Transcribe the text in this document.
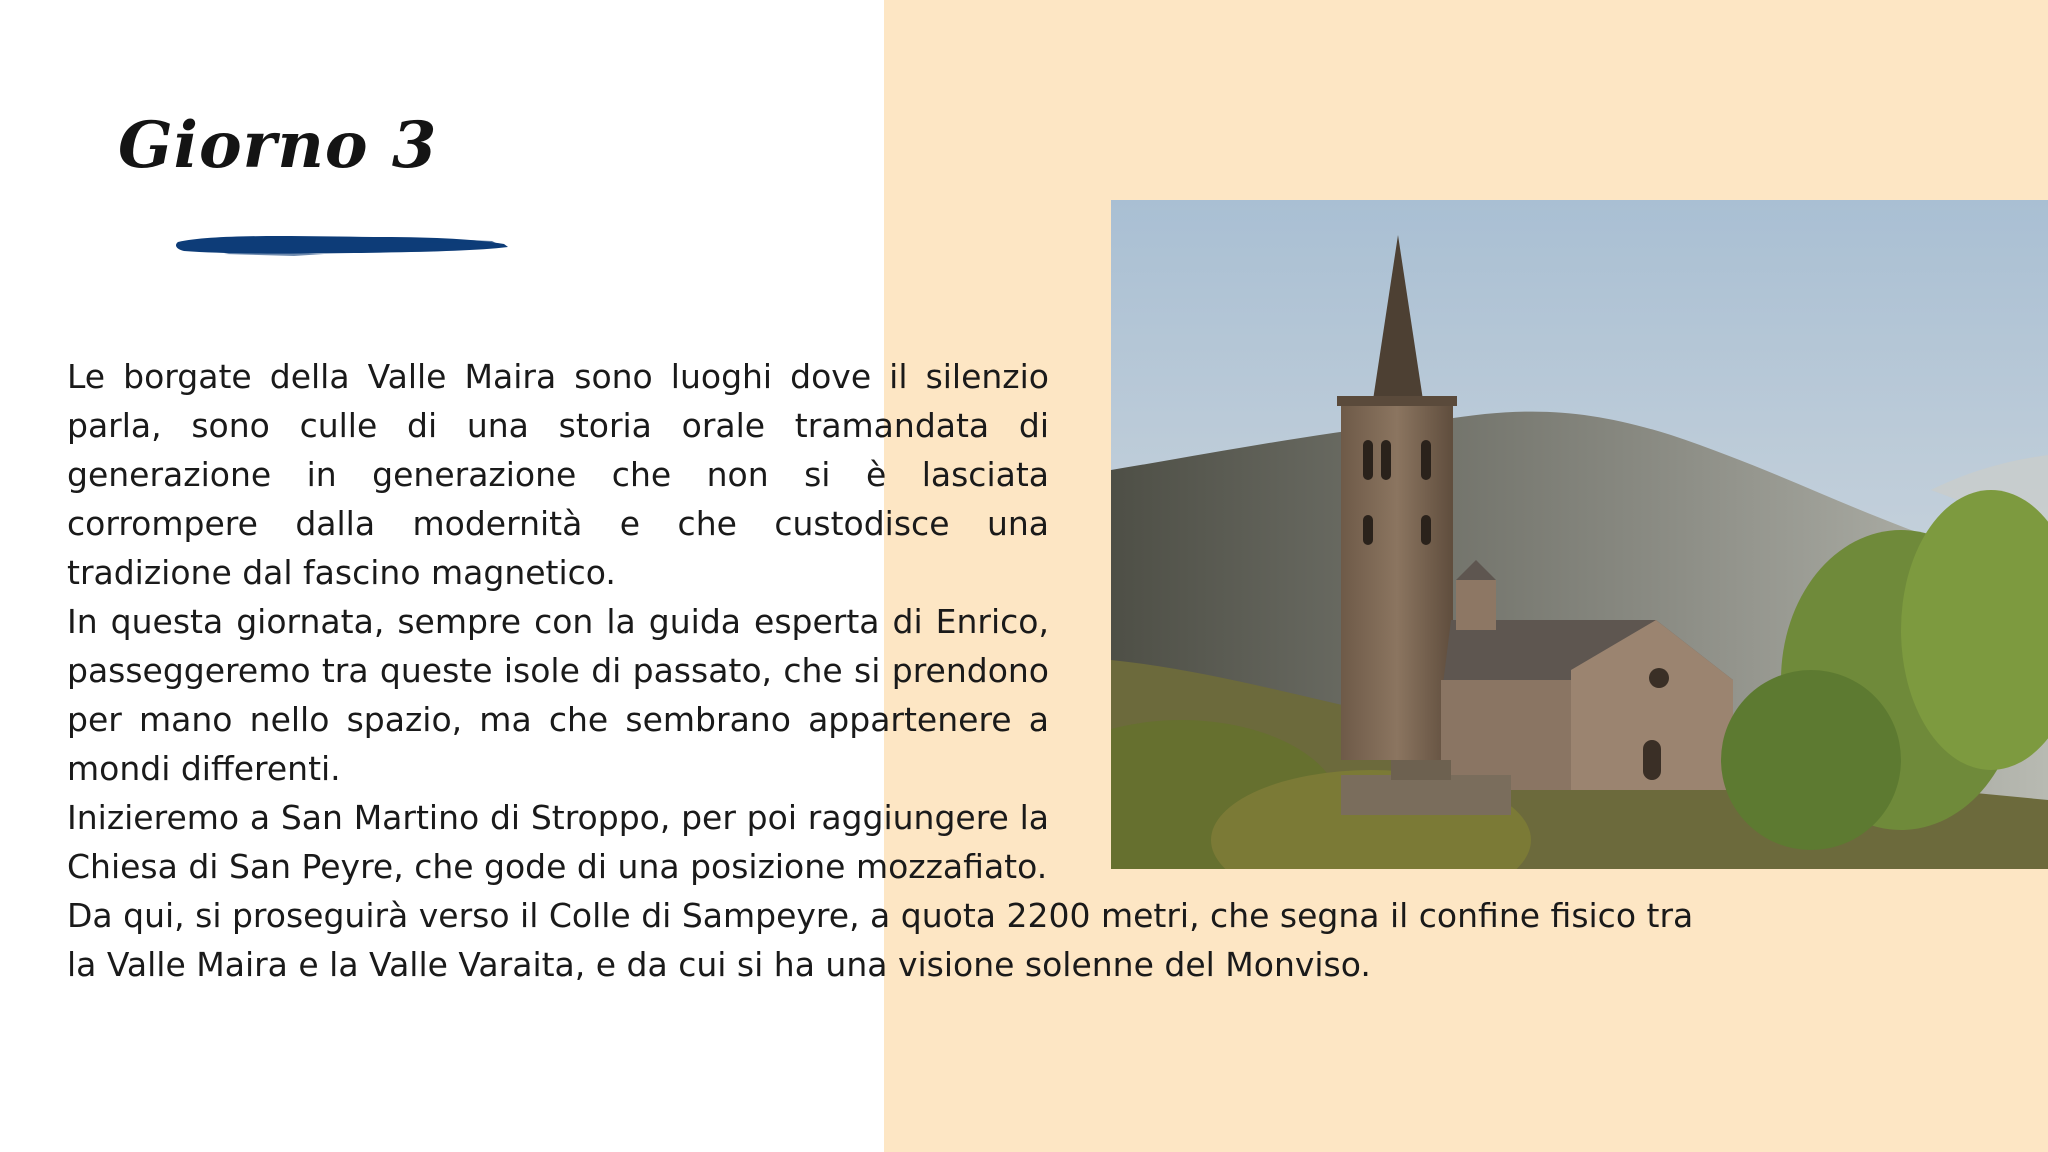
Giorno 3

Le borgate della Valle Maira sono luoghi dove il silenzio parla, sono culle di una storia orale tramandata di generazione in generazione che non si è lasciata corrompere dalla modernità e che custodisce una tradizione dal fascino magnetico.

In questa giornata, sempre con la guida esperta di Enrico, passeggeremo tra queste isole di passato, che si prendono per mano nello spazio, ma che sembrano appartenere a mondi differenti.

Inizieremo a San Martino di Stroppo, per poi raggiungere la Chiesa di San Peyre, che gode di una posizione mozzafiato.

Da qui, si proseguirà verso il Colle di Sampeyre, a quota 2200 metri, che segna il confine fisico tra la Valle Maira e la Valle Varaita, e da cui si ha una visione solenne del Monviso.
